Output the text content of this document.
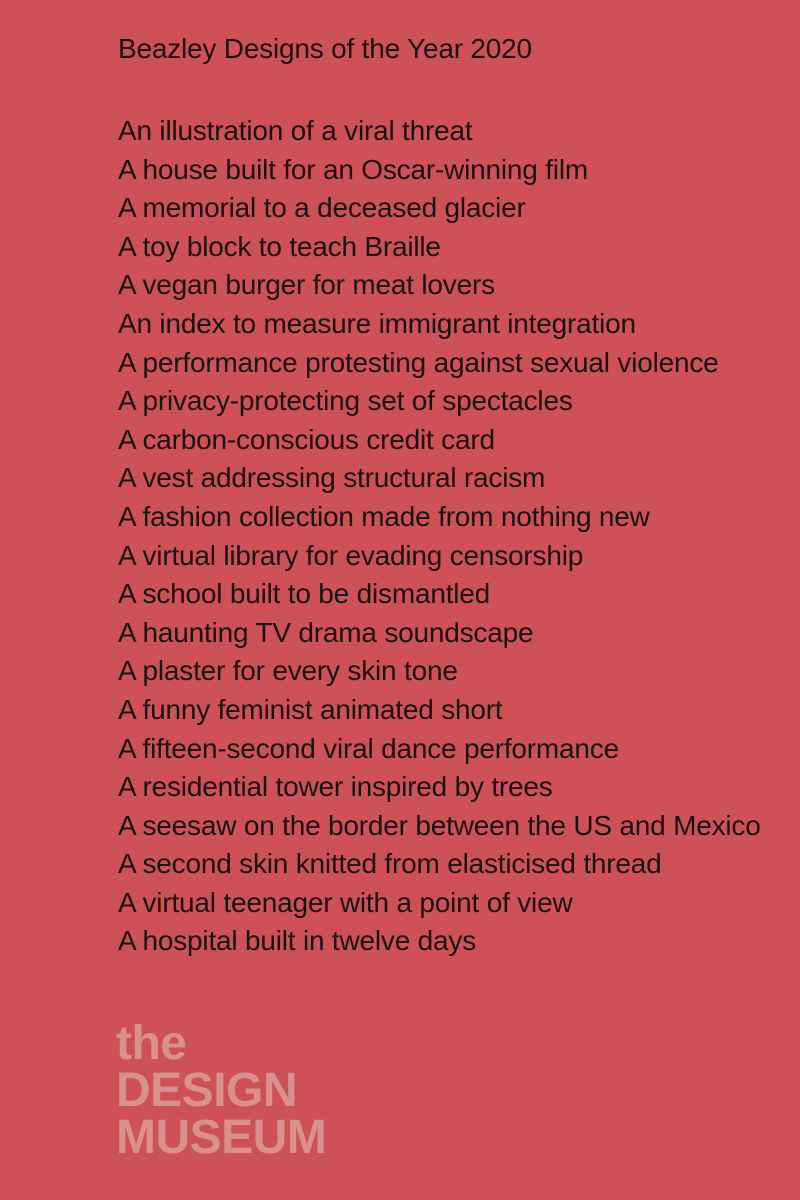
Beazley Designs of the Year 2020
An illustration of a viral threat
A house built for an Oscar-winning film
A memorial to a deceased glacier
A toy block to teach Braille
A vegan burger for meat lovers
An index to measure immigrant integration
A performance protesting against sexual violence
A privacy-protecting set of spectacles
A carbon-conscious credit card
A vest addressing structural racism
A fashion collection made from nothing new
A virtual library for evading censorship
A school built to be dismantled
A haunting TV drama soundscape
A plaster for every skin tone
A funny feminist animated short
A fifteen-second viral dance performance
A residential tower inspired by trees
A seesaw on the border between the US and Mexico
A second skin knitted from elasticised thread
A virtual teenager with a point of view
A hospital built in twelve days
the
DESIGN
MUSEUM
